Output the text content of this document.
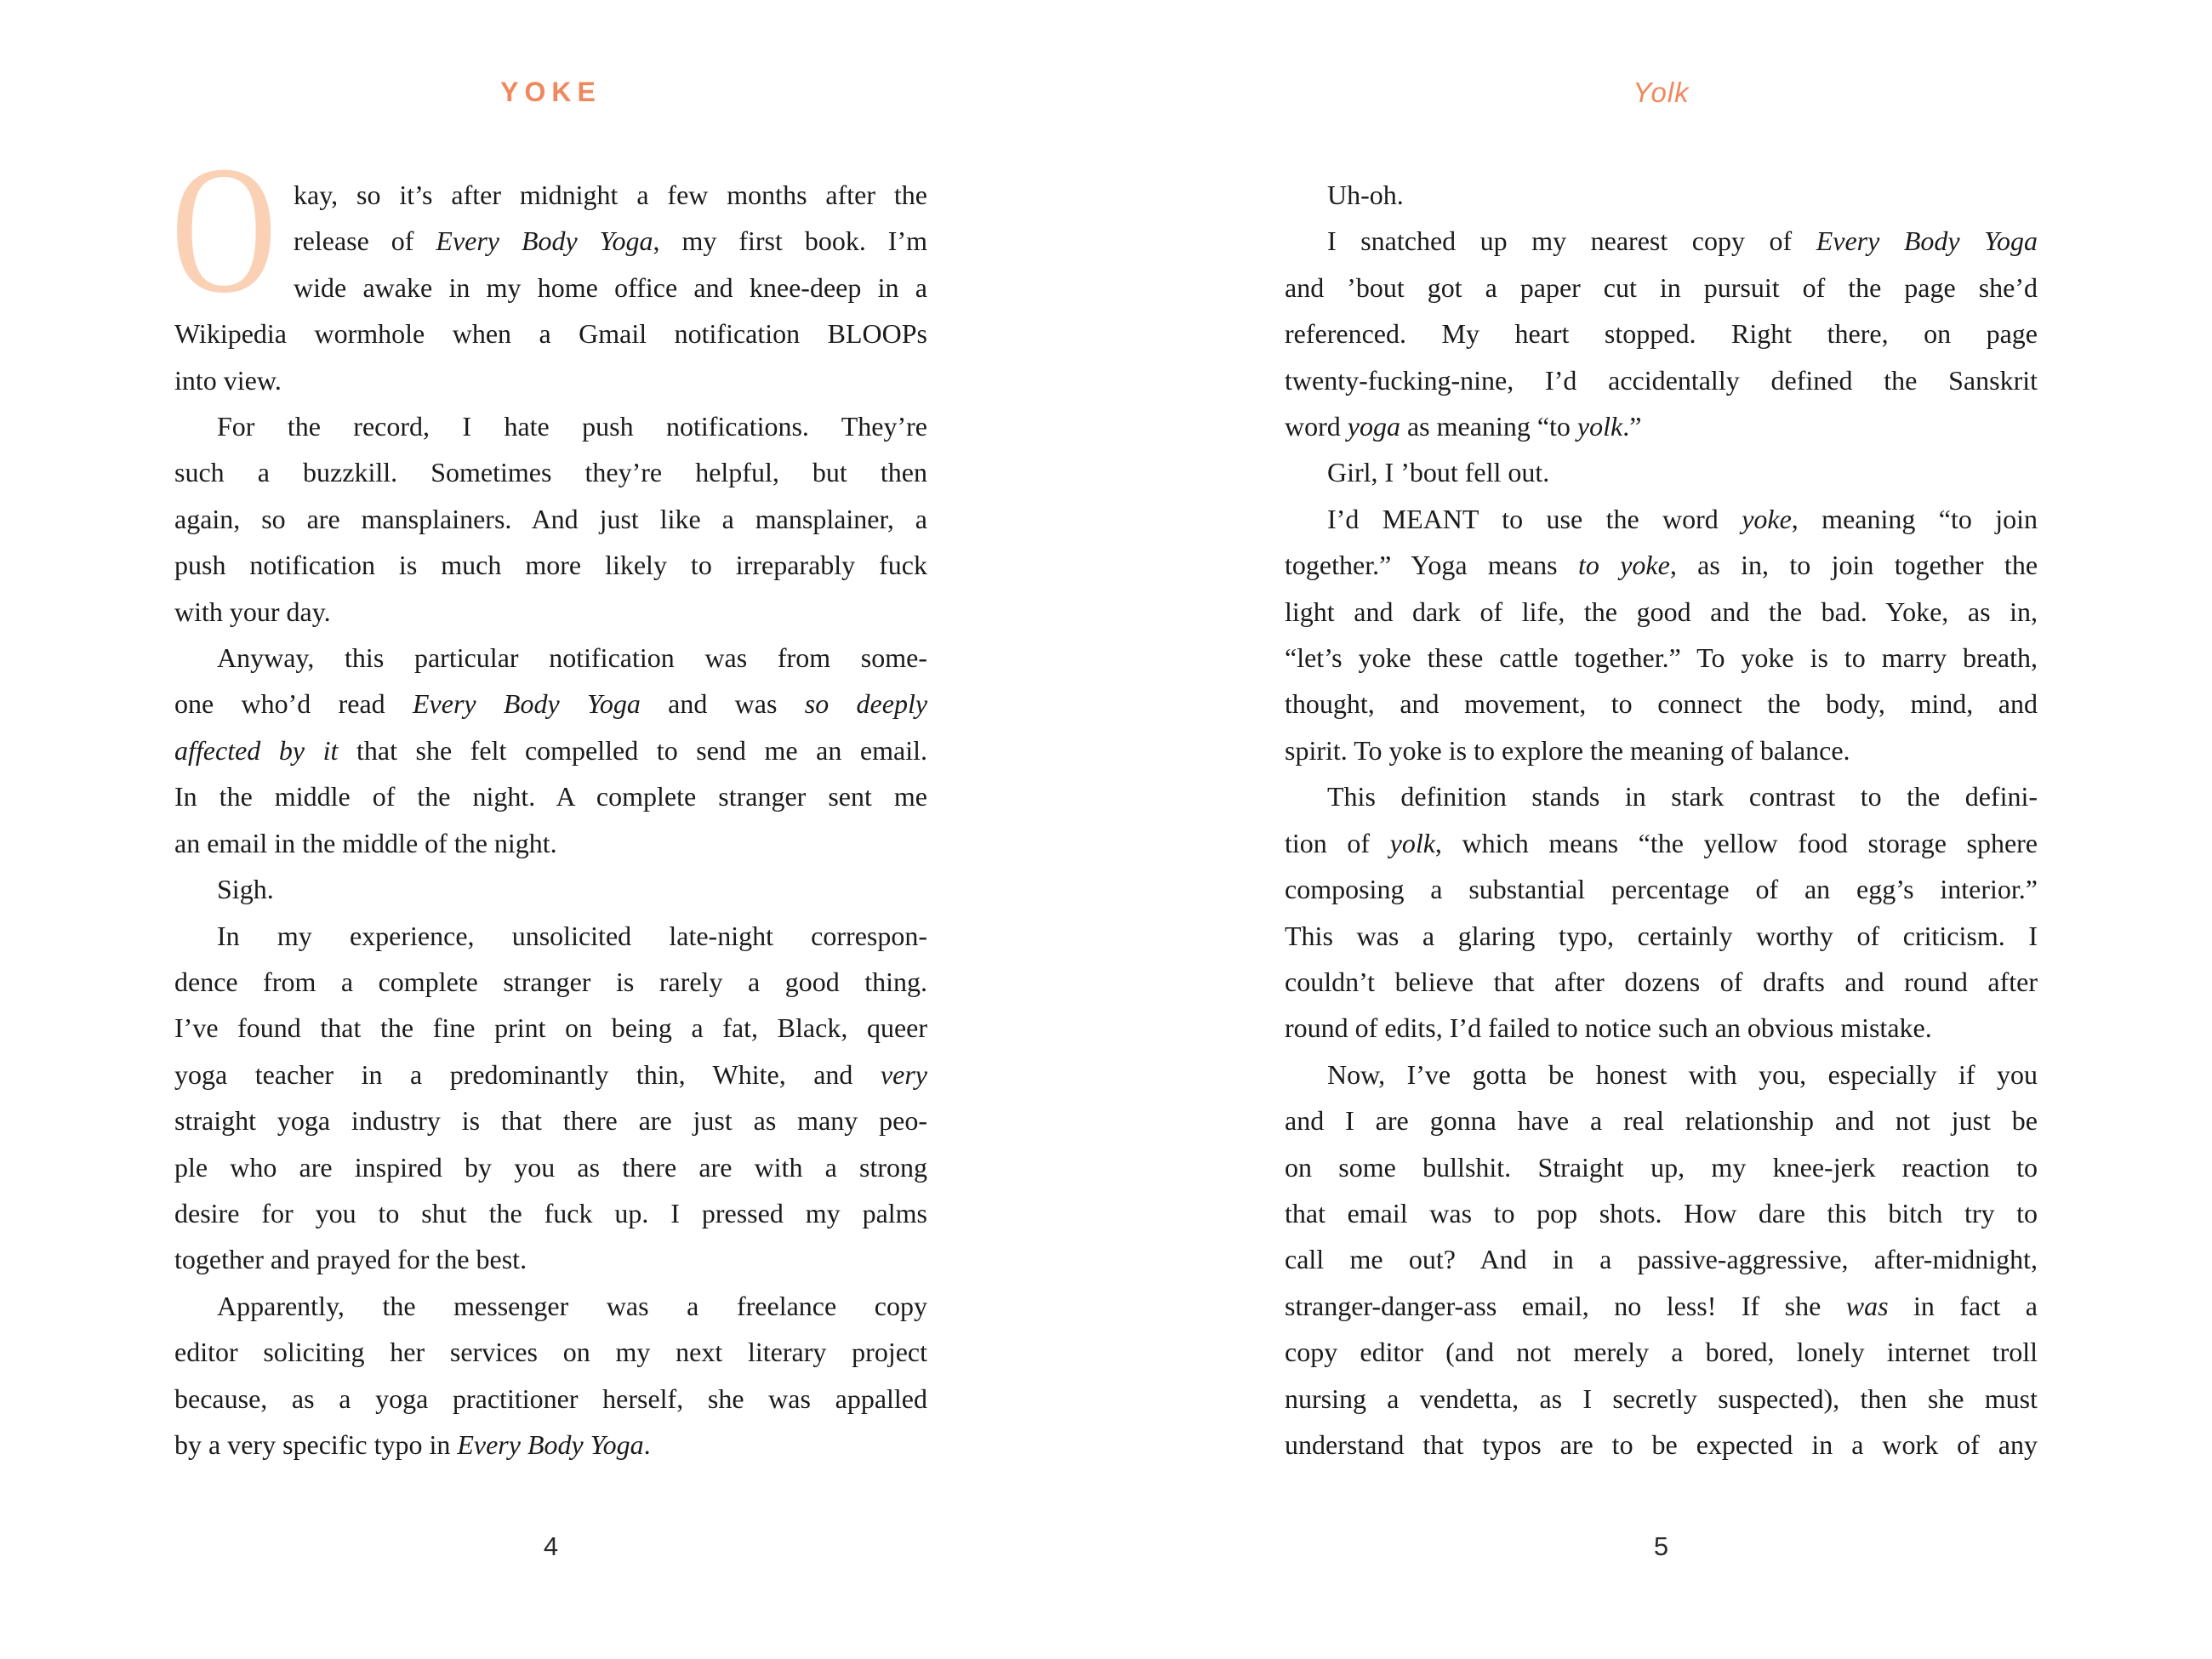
YOKE
O kay, so it’s after midnight a few months after the
release of Every Body Yoga, my first book. I’m
wide awake in my home office and knee-deep in a
Wikipedia wormhole when a Gmail notification BLOOPs
into view.
For the record, I hate push notifications. They’re
such a buzzkill. Sometimes they’re helpful, but then
again, so are mansplainers. And just like a mansplainer, a
push notification is much more likely to irreparably fuck
with your day.
Anyway, this particular notification was from some-
one who’d read Every Body Yoga and was so deeply
affected by it that she felt compelled to send me an email.
In the middle of the night. A complete stranger sent me
an email in the middle of the night.
Sigh.
In my experience, unsolicited late-night correspon-
dence from a complete stranger is rarely a good thing.
I’ve found that the fine print on being a fat, Black, queer
yoga teacher in a predominantly thin, White, and very
straight yoga industry is that there are just as many peo-
ple who are inspired by you as there are with a strong
desire for you to shut the fuck up. I pressed my palms
together and prayed for the best.
Apparently, the messenger was a freelance copy
editor soliciting her services on my next literary project
because, as a yoga practitioner herself, she was appalled
by a very specific typo in Every Body Yoga.
4
Yolk
Uh-oh.
I snatched up my nearest copy of Every Body Yoga
and ’bout got a paper cut in pursuit of the page she’d
referenced. My heart stopped. Right there, on page
twenty-fucking-nine, I’d accidentally defined the Sanskrit
word yoga as meaning “to yolk.”
Girl, I ’bout fell out.
I’d MEANT to use the word yoke, meaning “to join
together.” Yoga means to yoke, as in, to join together the
light and dark of life, the good and the bad. Yoke, as in,
“let’s yoke these cattle together.” To yoke is to marry breath,
thought, and movement, to connect the body, mind, and
spirit. To yoke is to explore the meaning of balance.
This definition stands in stark contrast to the defini-
tion of yolk, which means “the yellow food storage sphere
composing a substantial percentage of an egg’s interior.”
This was a glaring typo, certainly worthy of criticism. I
couldn’t believe that after dozens of drafts and round after
round of edits, I’d failed to notice such an obvious mistake.
Now, I’ve gotta be honest with you, especially if you
and I are gonna have a real relationship and not just be
on some bullshit. Straight up, my knee-jerk reaction to
that email was to pop shots. How dare this bitch try to
call me out? And in a passive-aggressive, after-midnight,
stranger-danger-ass email, no less! If she was in fact a
copy editor (and not merely a bored, lonely internet troll
nursing a vendetta, as I secretly suspected), then she must
understand that typos are to be expected in a work of any
5
